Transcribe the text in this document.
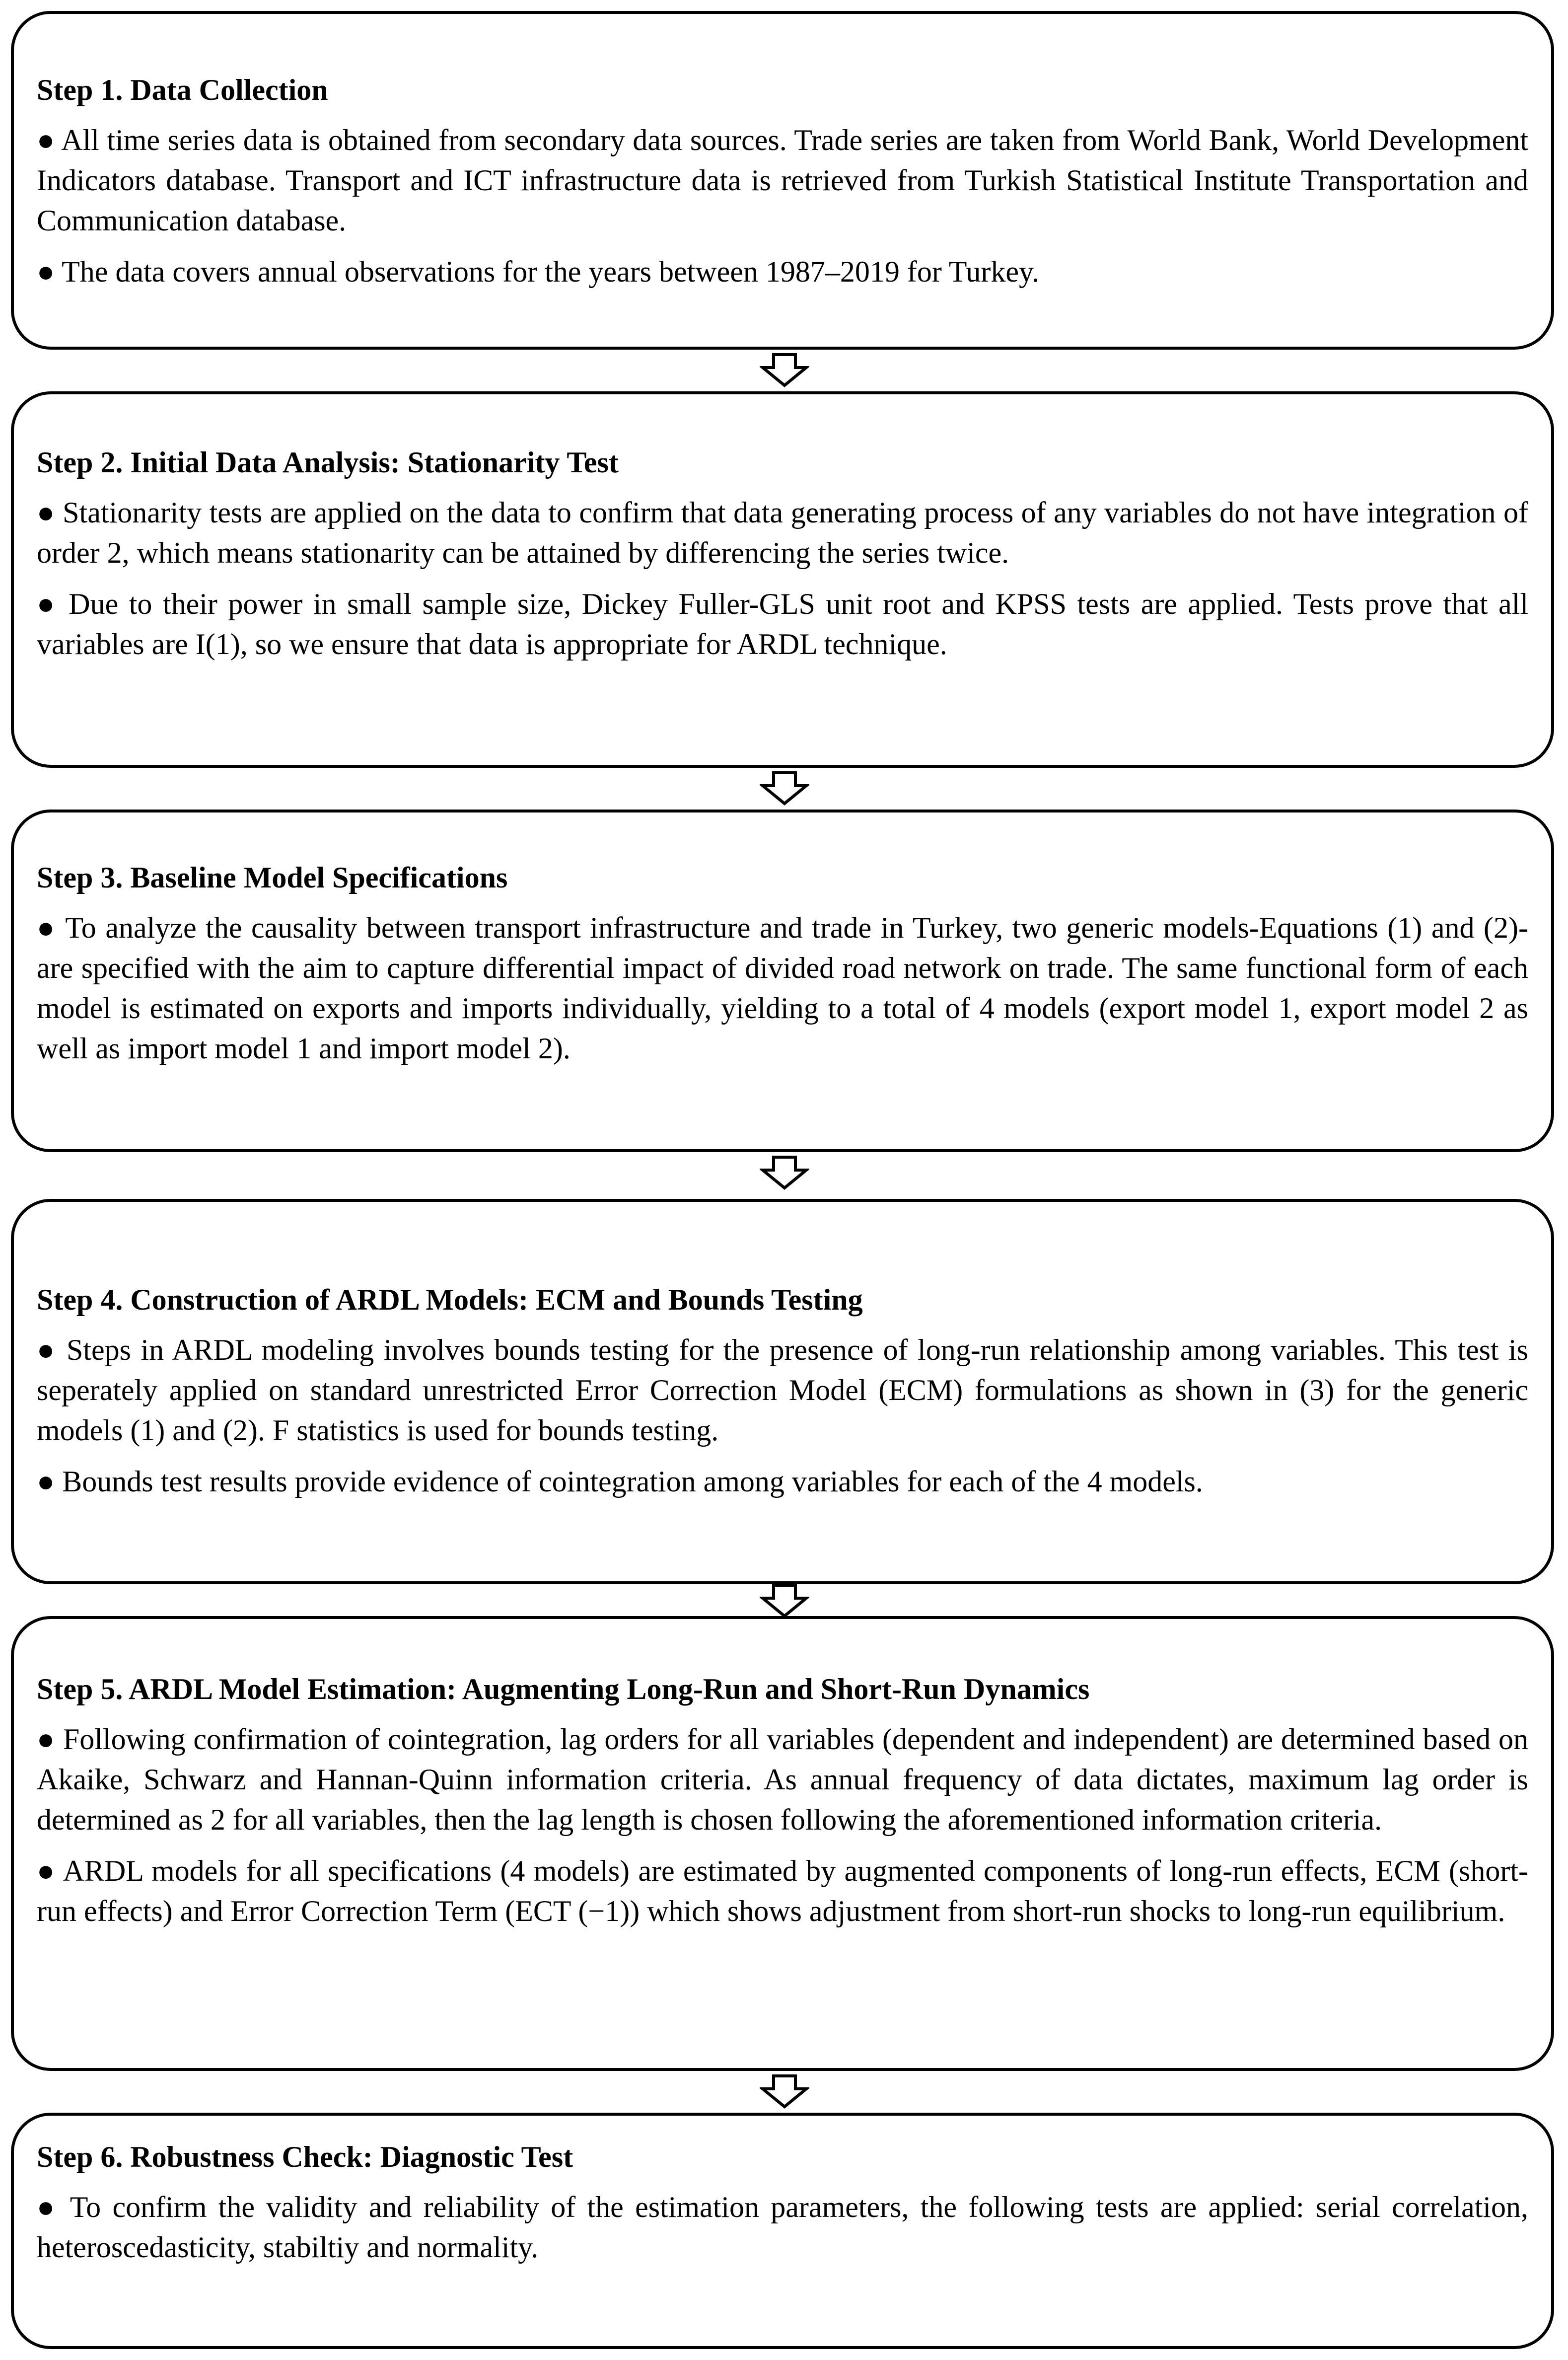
Step 1. Data Collection
● All time series data is obtained from secondary data sources. Trade series are taken from World Bank, World Development Indicators database. Transport and ICT infrastructure data is retrieved from Turkish Statistical Institute Transportation and Communication database.
● The data covers annual observations for the years between 1987–2019 for Turkey.
Step 2. Initial Data Analysis: Stationarity Test
● Stationarity tests are applied on the data to confirm that data generating process of any variables do not have integration of order 2, which means stationarity can be attained by differencing the series twice.
● Due to their power in small sample size, Dickey Fuller-GLS unit root and KPSS tests are applied. Tests prove that all variables are I(1), so we ensure that data is appropriate for ARDL technique.
Step 3. Baseline Model Specifications
● To analyze the causality between transport infrastructure and trade in Turkey, two generic models-Equations (1) and (2)- are specified with the aim to capture differential impact of divided road network on trade. The same functional form of each model is estimated on exports and imports individually, yielding to a total of 4 models (export model 1, export model 2 as well as import model 1 and import model 2).
Step 4. Construction of ARDL Models: ECM and Bounds Testing
● Steps in ARDL modeling involves bounds testing for the presence of long-run relationship among variables. This test is seperately applied on standard unrestricted Error Correction Model (ECM) formulations as shown in (3) for the generic models (1) and (2). F statistics is used for bounds testing.
● Bounds test results provide evidence of cointegration among variables for each of the 4 models.
Step 5. ARDL Model Estimation: Augmenting Long-Run and Short-Run Dynamics
● Following confirmation of cointegration, lag orders for all variables (dependent and independent) are determined based on Akaike, Schwarz and Hannan-Quinn information criteria. As annual frequency of data dictates, maximum lag order is determined as 2 for all variables, then the lag length is chosen following the aforementioned information criteria.
● ARDL models for all specifications (4 models) are estimated by augmented components of long-run effects, ECM (short-run effects) and Error Correction Term (ECT (−1)) which shows adjustment from short-run shocks to long-run equilibrium.
Step 6. Robustness Check: Diagnostic Test
● To confirm the validity and reliability of the estimation parameters, the following tests are applied: serial correlation, heteroscedasticity, stabiltiy and normality.
